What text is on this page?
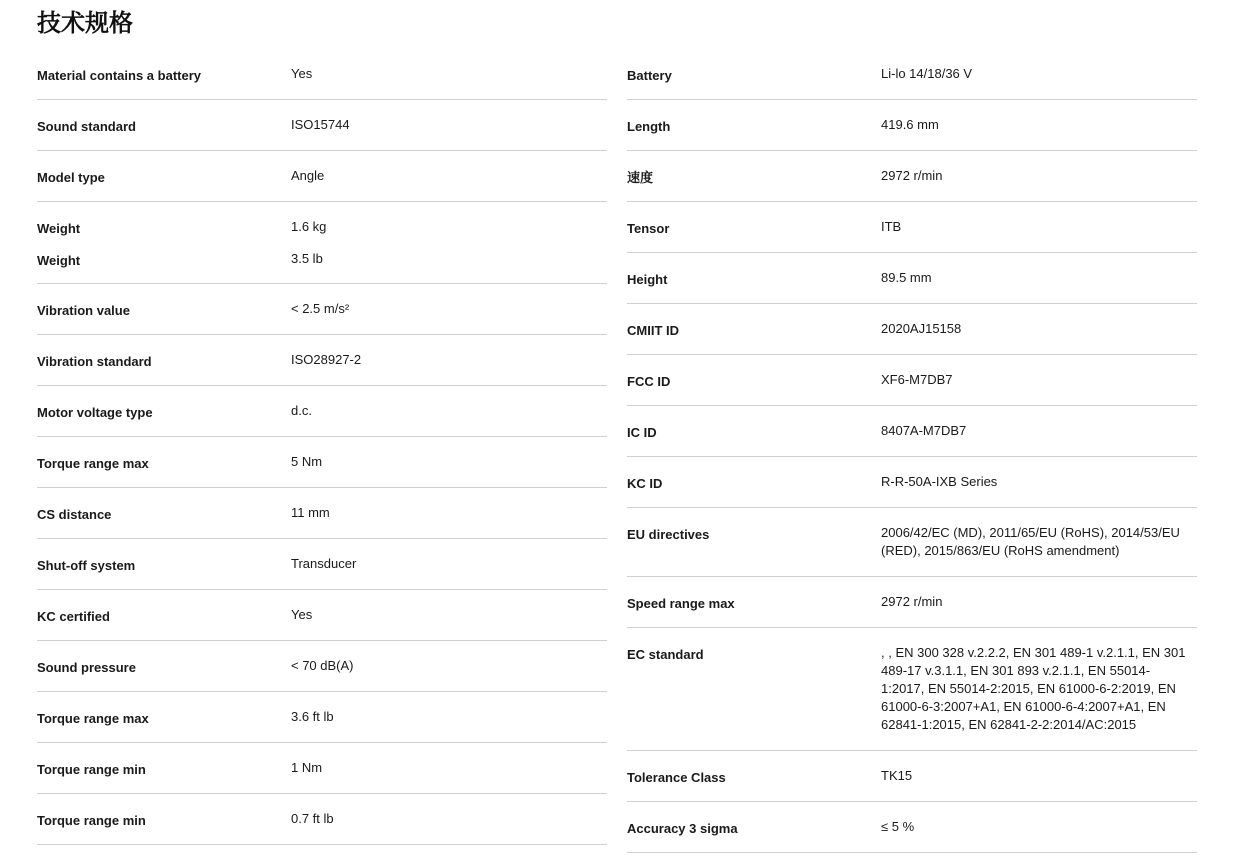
技术规格
Material contains a battery	Yes
Sound standard	ISO15744
Model type	Angle
Weight	1.6 kg
Weight	3.5 lb
Vibration value	< 2.5 m/s²
Vibration standard	ISO28927-2
Motor voltage type	d.c.
Torque range max	5 Nm
CS distance	11 mm
Shut-off system	Transducer
KC certified	Yes
Sound pressure	< 70 dB(A)
Torque range max	3.6 ft lb
Torque range min	1 Nm
Torque range min	0.7 ft lb
Battery	Li-lo 14/18/36 V
Length	419.6 mm
速度	2972 r/min
Tensor	ITB
Height	89.5 mm
CMIIT ID	2020AJ15158
FCC ID	XF6-M7DB7
IC ID	8407A-M7DB7
KC ID	R-R-50A-IXB Series
EU directives	2006/42/EC (MD), 2011/65/EU (RoHS), 2014/53/EU (RED), 2015/863/EU (RoHS amendment)
Speed range max	2972 r/min
EC standard	, , EN 300 328 v.2.2.2, EN 301 489-1 v.2.1.1, EN 301 489-17 v.3.1.1, EN 301 893 v.2.1.1, EN 55014-1:2017, EN 55014-2:2015, EN 61000-6-2:2019, EN 61000-6-3:2007+A1, EN 61000-6-4:2007+A1, EN 62841-1:2015, EN 62841-2-2:2014/AC:2015
Tolerance Class	TK15
Accuracy 3 sigma	≤ 5 %
